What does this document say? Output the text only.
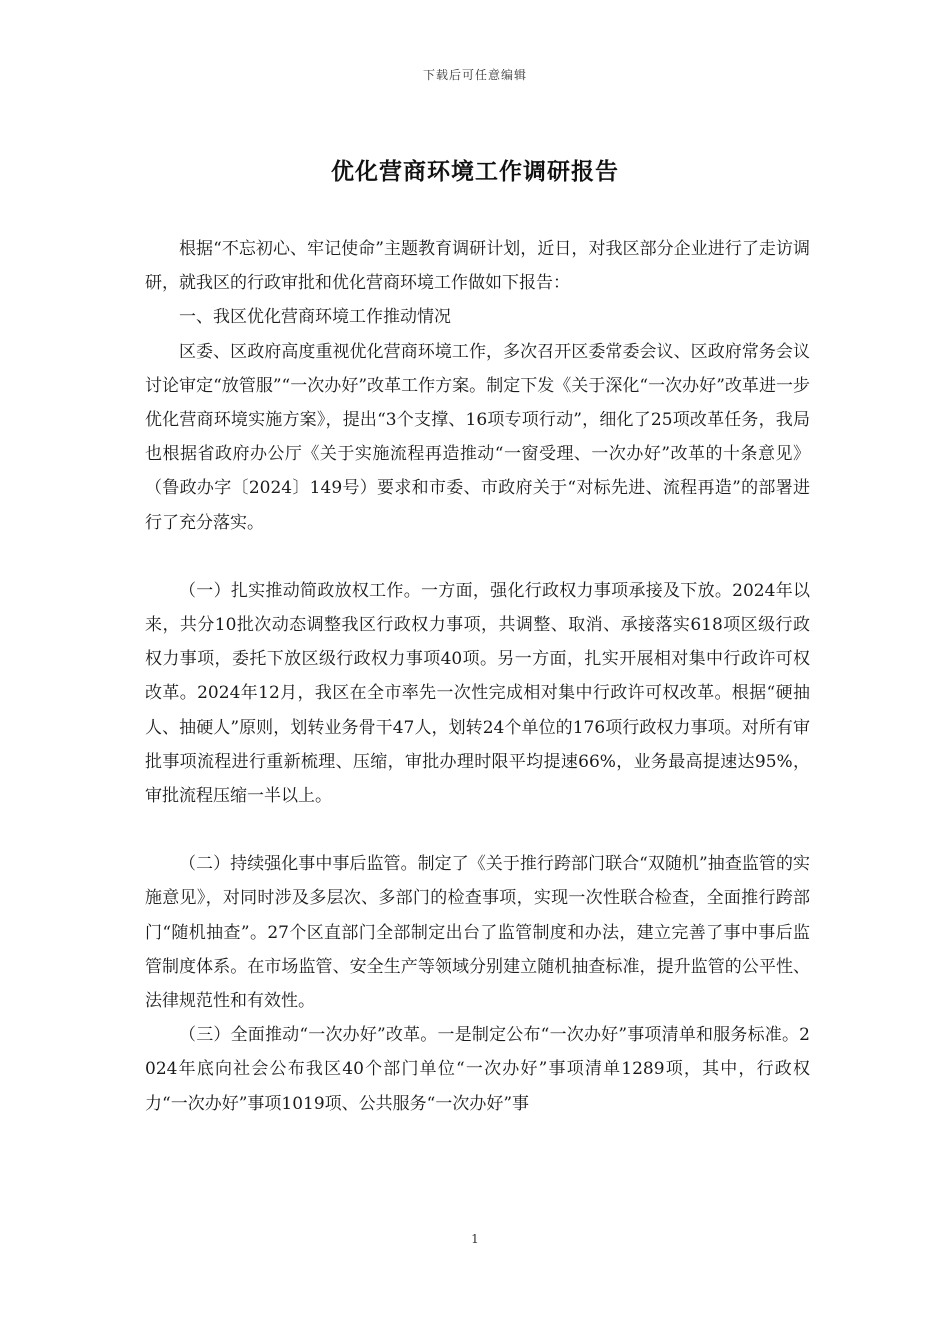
下载后可任意编辑
优化营商环境工作调研报告

根据“不忘初心、牢记使命”主题教育调研计划，近日，对我区部分企业进行了走访调研，就我区的行政审批和优化营商环境工作做如下报告：

一、我区优化营商环境工作推动情况

区委、区政府高度重视优化营商环境工作，多次召开区委常委会议、区政府常务会议讨论审定“放管服”“一次办好”改革工作方案。制定下发《关于深化“一次办好”改革进一步优化营商环境实施方案》，提出“3个支撑、16项专项行动”，细化了25项改革任务，我局也根据省政府办公厅《关于实施流程再造推动“一窗受理、一次办好”改革的十条意见》（鲁政办字〔2024〕149号）要求和市委、市政府关于“对标先进、流程再造”的部署进行了充分落实。

（一）扎实推动简政放权工作。一方面，强化行政权力事项承接及下放。2024年以来，共分10批次动态调整我区行政权力事项，共调整、取消、承接落实618项区级行政权力事项，委托下放区级行政权力事项40项。另一方面，扎实开展相对集中行政许可权改革。2024年12月，我区在全市率先一次性完成相对集中行政许可权改革。根据“硬抽人、抽硬人”原则，划转业务骨干47人，划转24个单位的176项行政权力事项。对所有审批事项流程进行重新梳理、压缩，审批办理时限平均提速66%，业务最高提速达95%，审批流程压缩一半以上。

（二）持续强化事中事后监管。制定了《关于推行跨部门联合“双随机”抽查监管的实施意见》，对同时涉及多层次、多部门的检查事项，实现一次性联合检查，全面推行跨部门“随机抽查”。27个区直部门全部制定出台了监管制度和办法，建立完善了事中事后监管制度体系。在市场监管、安全生产等领域分别建立随机抽查标准，提升监管的公平性、法律规范性和有效性。

（三）全面推动“一次办好”改革。一是制定公布“一次办好”事项清单和服务标准。2024年底向社会公布我区40个部门单位“一次办好”事项清单1289项，其中，行政权力“一次办好”事项1019项、公共服务“一次办好”事

1
